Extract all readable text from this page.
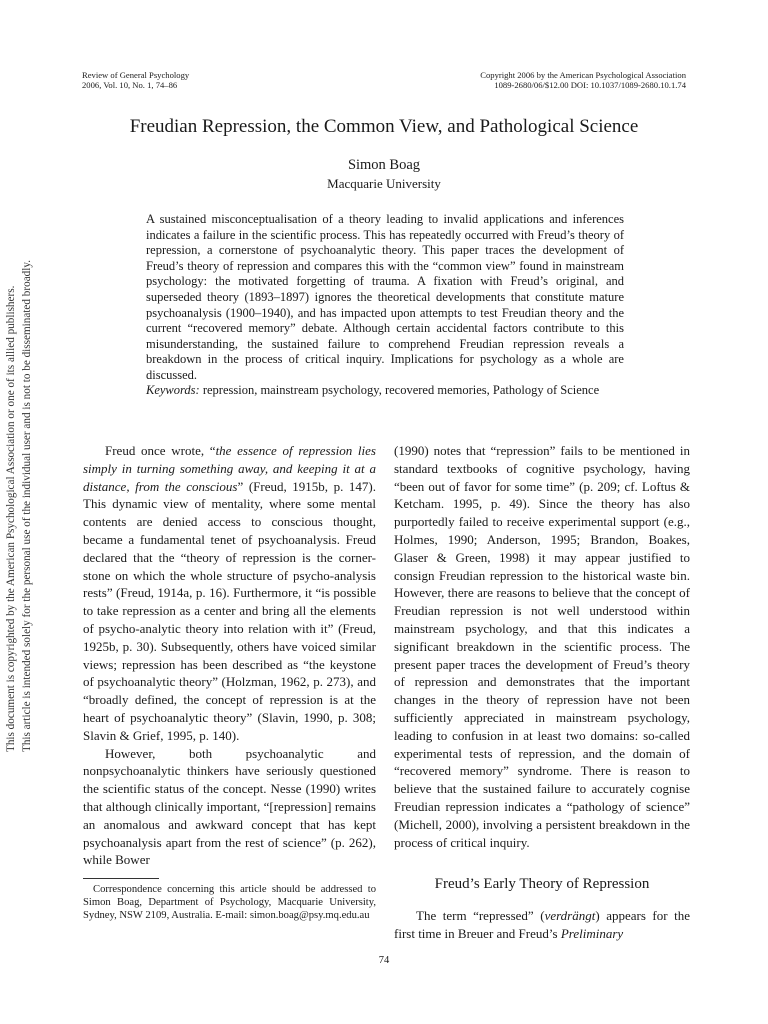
This document is copyrighted by the American Psychological Association or one of its allied publishers. This article is intended solely for the personal use of the individual user and is not to be disseminated broadly.
Review of General Psychology
2006, Vol. 10, No. 1, 74–86
Copyright 2006 by the American Psychological Association
1089-2680/06/$12.00 DOI: 10.1037/1089-2680.10.1.74
Freudian Repression, the Common View, and Pathological Science
Simon Boag
Macquarie University
A sustained misconceptualisation of a theory leading to invalid applications and inferences indicates a failure in the scientific process. This has repeatedly occurred with Freud’s theory of repression, a cornerstone of psychoanalytic theory. This paper traces the development of Freud’s theory of repression and compares this with the “common view” found in mainstream psychology: the motivated forgetting of trauma. A fixation with Freud’s original, and superseded theory (1893–1897) ignores the theoretical developments that constitute mature psychoanalysis (1900–1940), and has impacted upon attempts to test Freudian theory and the current “recovered memory” debate. Although certain accidental factors contribute to this misunderstanding, the sustained failure to comprehend Freudian repression reveals a breakdown in the process of critical inquiry. Implications for psychology as a whole are discussed.
Keywords: repression, mainstream psychology, recovered memories, Pathology of Science

Freud once wrote, “the essence of repression lies simply in turning something away, and keeping it at a distance, from the conscious” (Freud, 1915b, p. 147). This dynamic view of mentality, where some mental contents are denied access to conscious thought, became a fundamental tenet of psychoanalysis. Freud declared that the “theory of repression is the corner-stone on which the whole structure of psycho-analysis rests” (Freud, 1914a, p. 16). Furthermore, it “is possible to take repression as a center and bring all the elements of psycho-analytic theory into relation with it” (Freud, 1925b, p. 30). Subsequently, others have voiced similar views; repression has been described as “the keystone of psychoanalytic theory” (Holzman, 1962, p. 273), and “broadly defined, the concept of repression is at the heart of psychoanalytic theory” (Slavin, 1990, p. 308; Slavin & Grief, 1995, p. 140).

However, both psychoanalytic and nonpsychoanalytic thinkers have seriously questioned the scientific status of the concept. Nesse (1990) writes that although clinically important, “[repression] remains an anomalous and awkward concept that has kept psychoanalysis apart from the rest of science” (p. 262), while Bower

(1990) notes that “repression” fails to be mentioned in standard textbooks of cognitive psychology, having “been out of favor for some time” (p. 209; cf. Loftus & Ketcham. 1995, p. 49). Since the theory has also purportedly failed to receive experimental support (e.g., Holmes, 1990; Anderson, 1995; Brandon, Boakes, Glaser & Green, 1998) it may appear justified to consign Freudian repression to the historical waste bin. However, there are reasons to believe that the concept of Freudian repression is not well understood within mainstream psychology, and that this indicates a significant breakdown in the scientific process. The present paper traces the development of Freud’s theory of repression and demonstrates that the important changes in the theory of repression have not been sufficiently appreciated in mainstream psychology, leading to confusion in at least two domains: so-called experimental tests of repression, and the domain of “recovered memory” syndrome. There is reason to believe that the sustained failure to accurately cognise Freudian repression indicates a “pathology of science” (Michell, 2000), involving a persistent breakdown in the process of critical inquiry.

Correspondence concerning this article should be addressed to Simon Boag, Department of Psychology, Macquarie University, Sydney, NSW 2109, Australia. E-mail: simon.boag@psy.mq.edu.au

Freud’s Early Theory of Repression

The term “repressed” (verdrängt) appears for the first time in Breuer and Freud’s Preliminary

74
